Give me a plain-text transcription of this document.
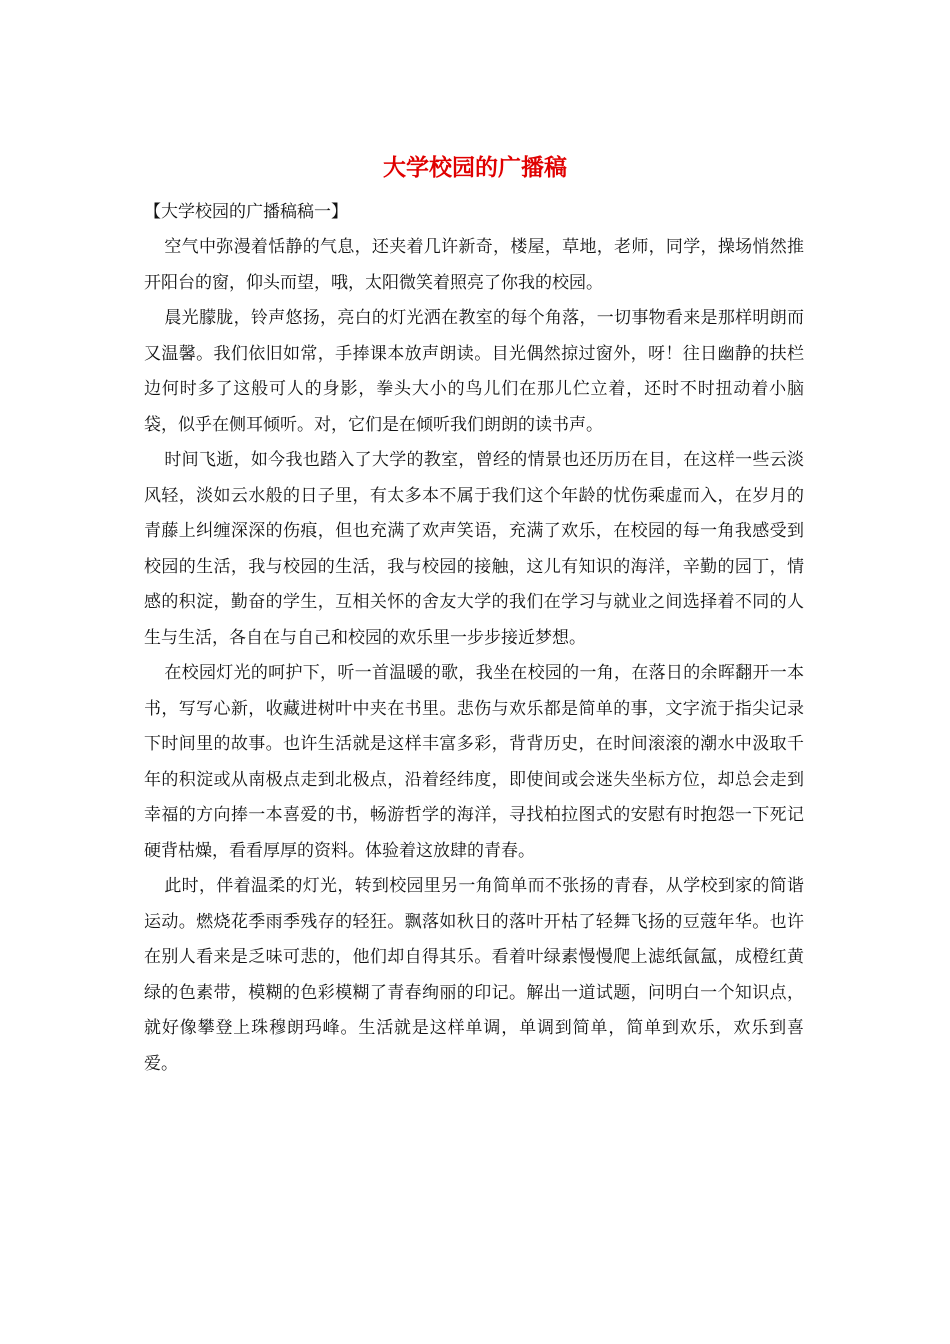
大学校园的广播稿
【大学校园的广播稿稿一】

空气中弥漫着恬静的气息，还夹着几许新奇，楼屋，草地，老师，同学，操场悄然推开阳台的窗，仰头而望，哦，太阳微笑着照亮了你我的校园。

晨光朦胧，铃声悠扬，亮白的灯光洒在教室的每个角落，一切事物看来是那样明朗而又温馨。我们依旧如常，手捧课本放声朗读。目光偶然掠过窗外，呀！往日幽静的扶栏边何时多了这般可人的身影，拳头大小的鸟儿们在那儿伫立着，还时不时扭动着小脑袋，似乎在侧耳倾听。对，它们是在倾听我们朗朗的读书声。

时间飞逝，如今我也踏入了大学的教室，曾经的情景也还历历在目，在这样一些云淡风轻，淡如云水般的日子里，有太多本不属于我们这个年龄的忧伤乘虚而入，在岁月的青藤上纠缠深深的伤痕，但也充满了欢声笑语，充满了欢乐，在校园的每一角我感受到校园的生活，我与校园的生活，我与校园的接触，这儿有知识的海洋，辛勤的园丁，情感的积淀，勤奋的学生，互相关怀的舍友大学的我们在学习与就业之间选择着不同的人生与生活，各自在与自己和校园的欢乐里一步步接近梦想。

在校园灯光的呵护下，听一首温暖的歌，我坐在校园的一角，在落日的余晖翻开一本书，写写心新，收藏进树叶中夹在书里。悲伤与欢乐都是简单的事，文字流于指尖记录下时间里的故事。也许生活就是这样丰富多彩，背背历史，在时间滚滚的潮水中汲取千年的积淀或从南极点走到北极点，沿着经纬度，即使间或会迷失坐标方位，却总会走到幸福的方向捧一本喜爱的书，畅游哲学的海洋，寻找柏拉图式的安慰有时抱怨一下死记硬背枯燥，看看厚厚的资料。体验着这放肆的青春。

此时，伴着温柔的灯光，转到校园里另一角简单而不张扬的青春，从学校到家的简谐运动。燃烧花季雨季残存的轻狂。飘落如秋日的落叶开枯了轻舞飞扬的豆蔻年华。也许在别人看来是乏味可悲的，他们却自得其乐。看着叶绿素慢慢爬上滤纸氤氲，成橙红黄绿的色素带，模糊的色彩模糊了青春绚丽的印记。解出一道试题，问明白一个知识点，就好像攀登上珠穆朗玛峰。生活就是这样单调，单调到简单，简单到欢乐，欢乐到喜爱。
